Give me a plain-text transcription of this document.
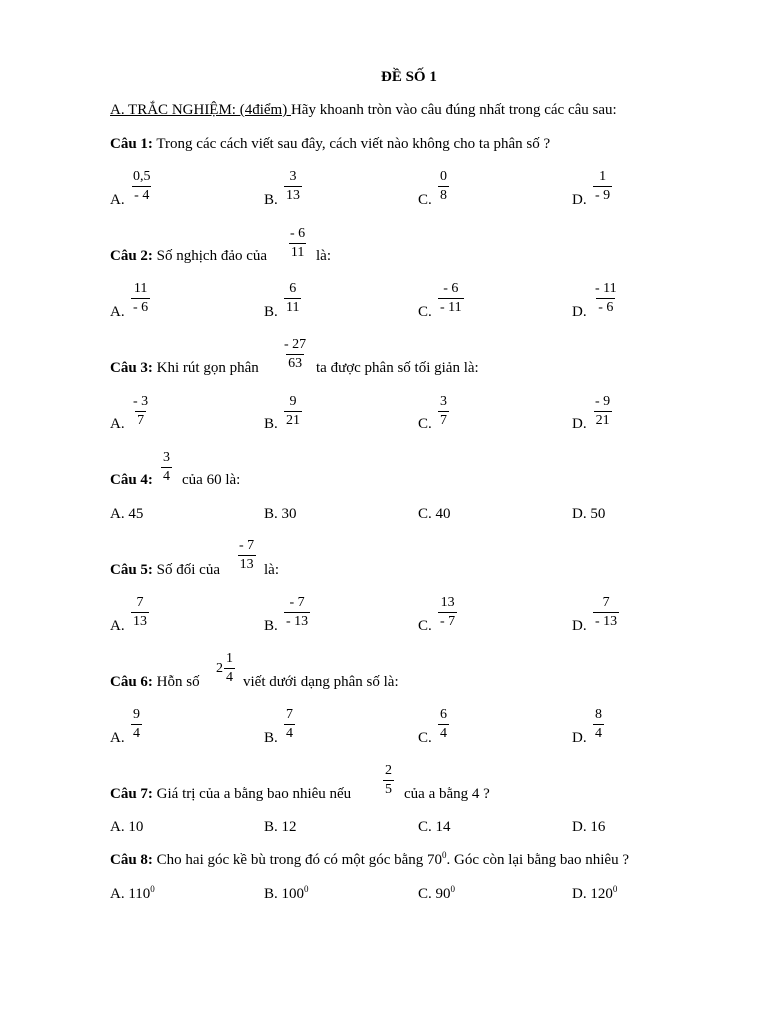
ĐỀ SỐ 1
A. TRẮC NGHIỆM: (4điểm) Hãy khoanh tròn vào câu đúng nhất trong các câu sau:
Câu 1: Trong các cách viết sau đây, cách viết nào không cho ta phân số ?
A. $\frac{0,5}{- 4}$	B. $\frac{3}{13}$	C. $\frac{0}{8}$	D. $\frac{1}{- 9}$
Câu 2: Số nghịch đảo của $\frac{- 6}{11}$ là:
A. $\frac{11}{- 6}$	B. $\frac{6}{11}$	C. $\frac{- 6}{- 11}$	D. $\frac{- 11}{- 6}$
Câu 3: Khi rút gọn phân $\frac{- 27}{63}$ ta được phân số tối giản là:
A. $\frac{- 3}{7}$	B. $\frac{9}{21}$	C. $\frac{3}{7}$	D. $\frac{- 9}{21}$
Câu 4: $\frac{3}{4}$ của 60 là:
A. 45	B. 30	C. 40	D. 50
Câu 5: Số đối của $\frac{- 7}{13}$ là:
A. $\frac{7}{13}$	B. $\frac{- 7}{- 13}$	C. $\frac{13}{- 7}$	D. $\frac{7}{- 13}$
Câu 6: Hỗn số
$2 \frac{1}{4}$ viết dưới dạng phân số là:
A. $\frac{9}{4}$	B. $\frac{7}{4}$	C. $\frac{6}{4}$	D. $\frac{8}{4}$
Câu 7: Giá trị của a bằng bao nhiêu nếu $\frac{2}{5}$ của a bằng 4 ?
A. 10	B. 12	C. 14	D. 16
Câu 8: Cho hai góc kề bù trong đó có một góc bằng $70^0$. Góc còn lại bằng bao nhiêu ?
A. $110^0$	B. $100^0$	C. $90^0$	D. $120^0$
